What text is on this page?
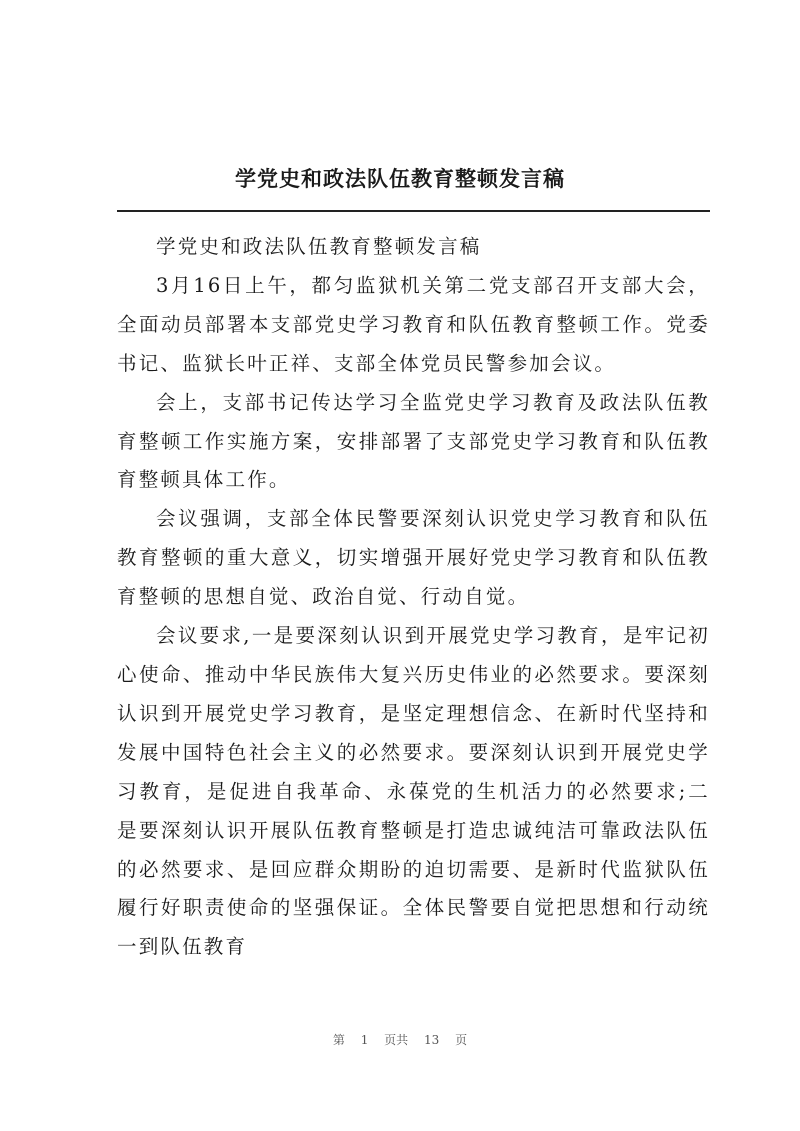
学党史和政法队伍教育整顿发言稿

学党史和政法队伍教育整顿发言稿

3月16日上午，都匀监狱机关第二党支部召开支部大会，全面动员部署本支部党史学习教育和队伍教育整顿工作。党委书记、监狱长叶正祥、支部全体党员民警参加会议。

会上，支部书记传达学习全监党史学习教育及政法队伍教育整顿工作实施方案，安排部署了支部党史学习教育和队伍教育整顿具体工作。

会议强调，支部全体民警要深刻认识党史学习教育和队伍教育整顿的重大意义，切实增强开展好党史学习教育和队伍教育整顿的思想自觉、政治自觉、行动自觉。

会议要求,一是要深刻认识到开展党史学习教育，是牢记初心使命、推动中华民族伟大复兴历史伟业的必然要求。要深刻认识到开展党史学习教育，是坚定理想信念、在新时代坚持和发展中国特色社会主义的必然要求。要深刻认识到开展党史学习教育，是促进自我革命、永葆党的生机活力的必然要求;二是要深刻认识开展队伍教育整顿是打造忠诚纯洁可靠政法队伍的必然要求、是回应群众期盼的迫切需要、是新时代监狱队伍履行好职责使命的坚强保证。全体民警要自觉把思想和行动统一到队伍教育

第 1 页共 13 页
